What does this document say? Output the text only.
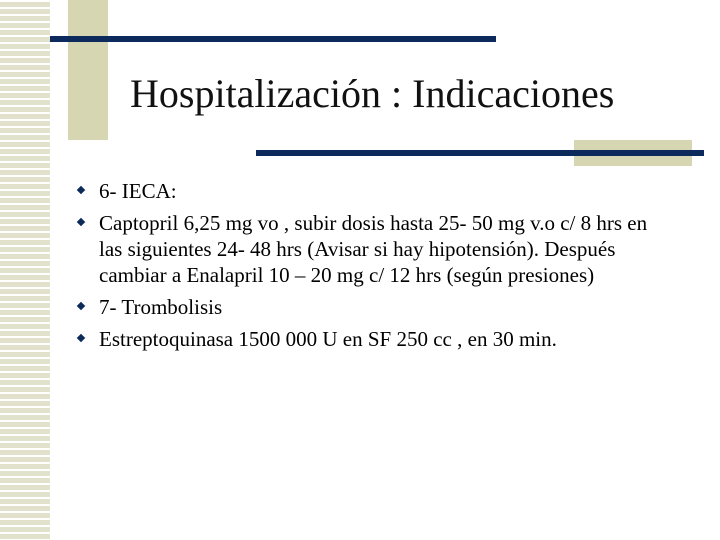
Hospitalización : Indicaciones
6- IECA:
Captopril 6,25 mg vo , subir dosis hasta 25- 50 mg v.o c/ 8 hrs en las siguientes 24- 48 hrs (Avisar si hay hipotensión). Después cambiar a Enalapril 10 – 20 mg c/ 12 hrs (según presiones)
7- Trombolisis
Estreptoquinasa 1500 000 U en SF 250 cc , en 30 min.
